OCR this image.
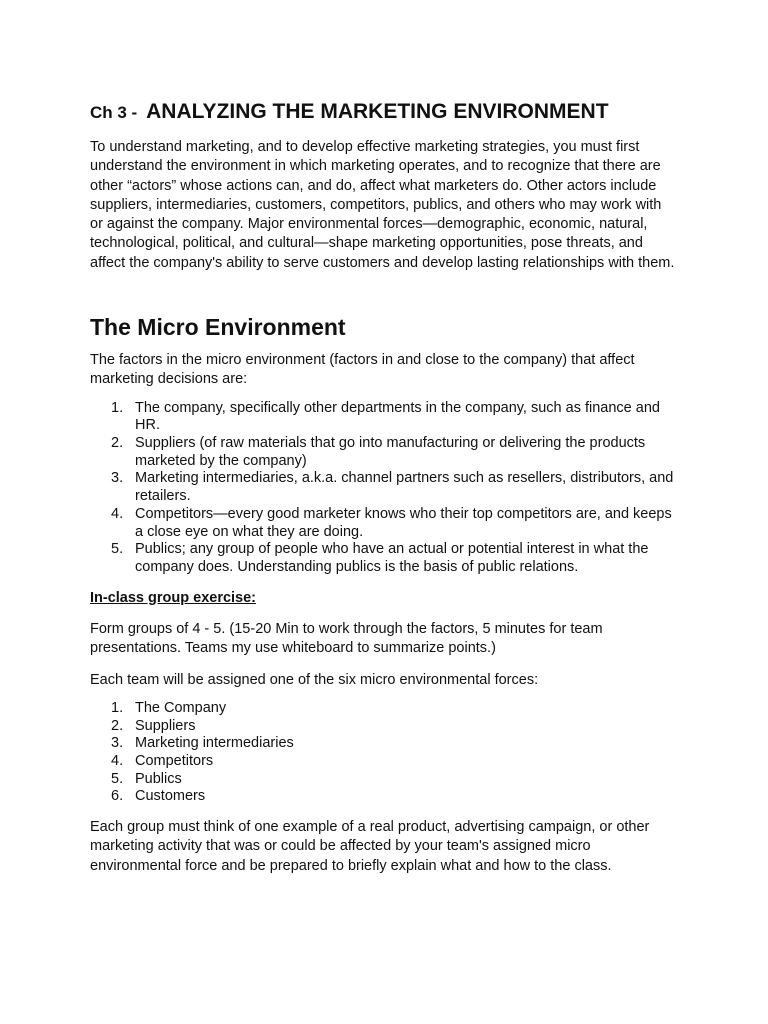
Ch 3 - ANALYZING THE MARKETING ENVIRONMENT

To understand marketing, and to develop effective marketing strategies, you must first understand the environment in which marketing operates, and to recognize that there are other “actors” whose actions can, and do, affect what marketers do. Other actors include suppliers, intermediaries, customers, competitors, publics, and others who may work with or against the company. Major environmental forces—demographic, economic, natural, technological, political, and cultural—shape marketing opportunities, pose threats, and affect the company's ability to serve customers and develop lasting relationships with them.

The Micro Environment

The factors in the micro environment (factors in and close to the company) that affect marketing decisions are:

1. The company, specifically other departments in the company, such as finance and HR.
2. Suppliers (of raw materials that go into manufacturing or delivering the products marketed by the company)
3. Marketing intermediaries, a.k.a. channel partners such as resellers, distributors, and retailers.
4. Competitors—every good marketer knows who their top competitors are, and keeps a close eye on what they are doing.
5. Publics; any group of people who have an actual or potential interest in what the company does. Understanding publics is the basis of public relations.

In-class group exercise:

Form groups of 4 - 5. (15-20 Min to work through the factors, 5 minutes for team presentations. Teams my use whiteboard to summarize points.)

Each team will be assigned one of the six micro environmental forces:

1. The Company
2. Suppliers
3. Marketing intermediaries
4. Competitors
5. Publics
6. Customers

Each group must think of one example of a real product, advertising campaign, or other marketing activity that was or could be affected by your team's assigned micro environmental force and be prepared to briefly explain what and how to the class.
